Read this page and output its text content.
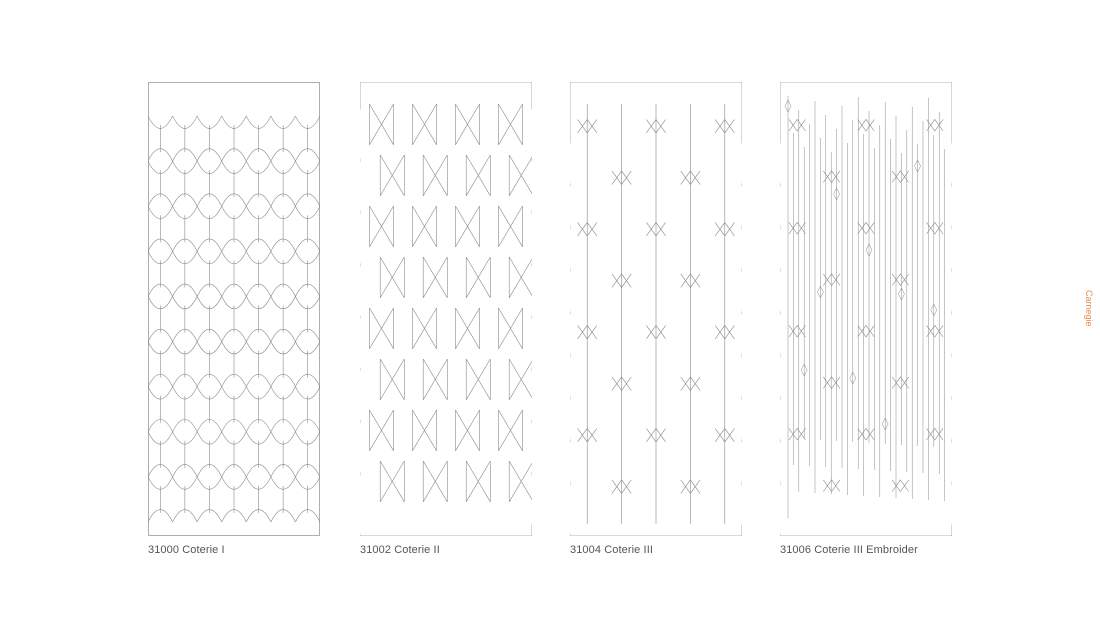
31000 Coterie I	31002 Coterie II	31004 Coterie III	31006 Coterie III Embroider
Carnegie
